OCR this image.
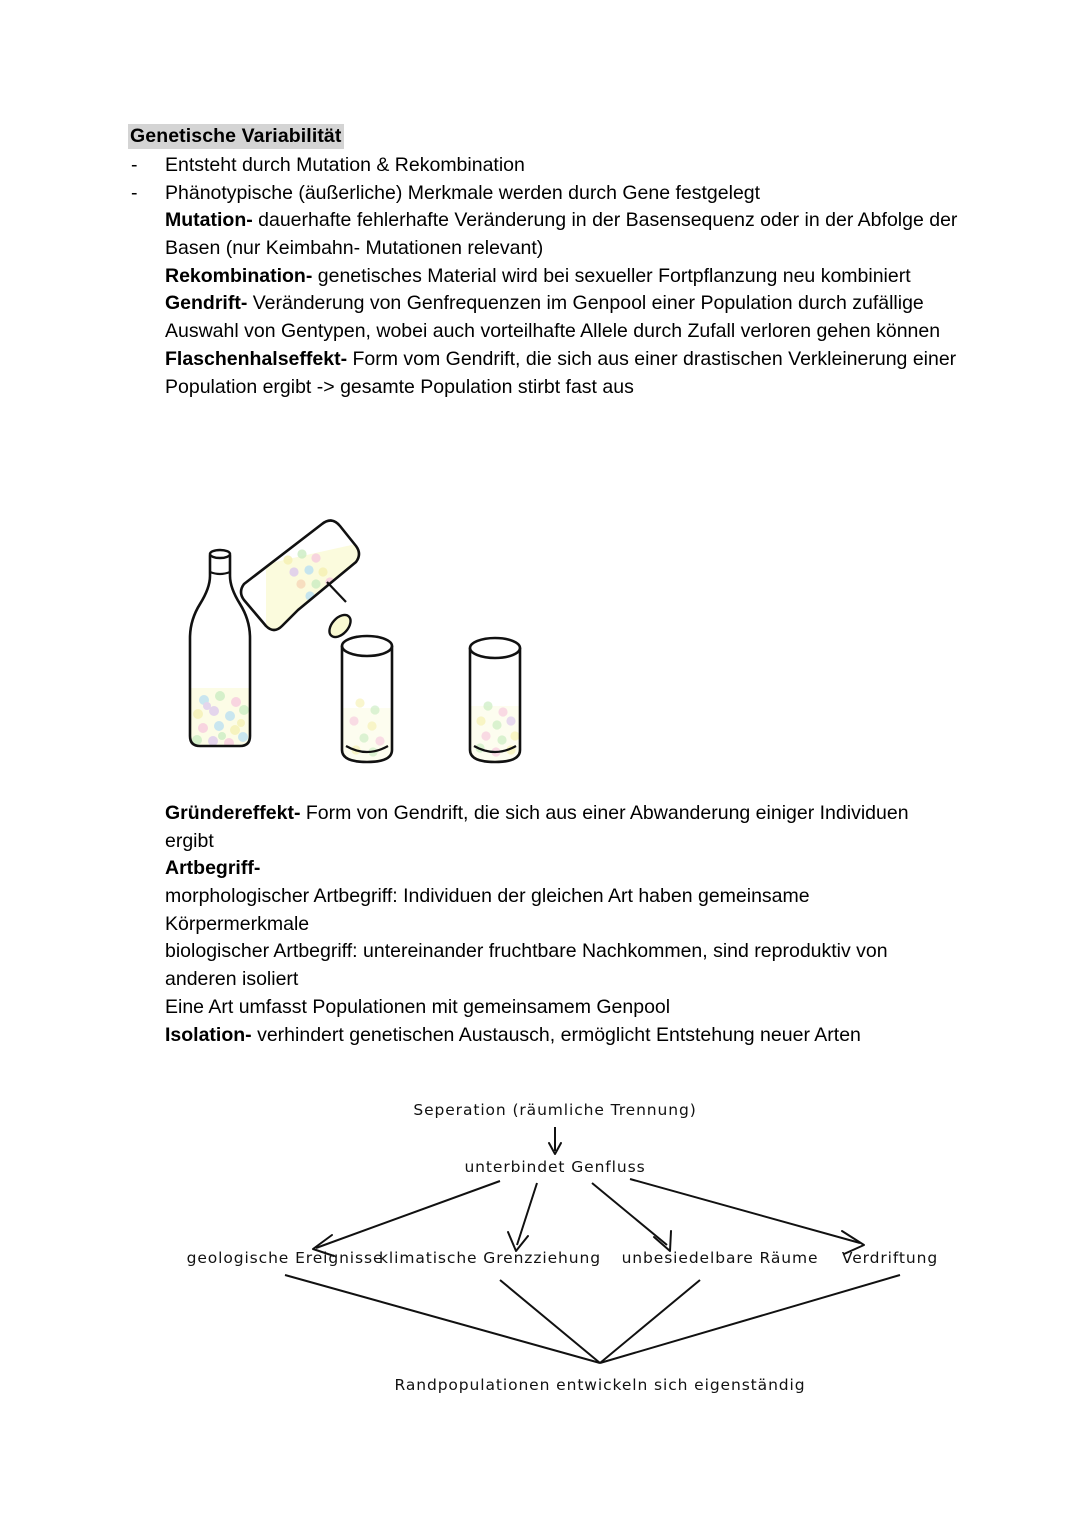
Genetische Variabilität
-	Entsteht durch Mutation & Rekombination
-	Phänotypische (äußerliche) Merkmale werden durch Gene festgelegt

Mutation- dauerhafte fehlerhafte Veränderung in der Basensequenz oder in der Abfolge der Basen (nur Keimbahn- Mutationen relevant)

Rekombination- genetisches Material wird bei sexueller Fortpflanzung neu kombiniert

Gendrift- Veränderung von Genfrequenzen im Genpool einer Population durch zufällige Auswahl von Gentypen, wobei auch vorteilhafte Allele durch Zufall verloren gehen können

Flaschenhalseffekt- Form vom Gendrift, die sich aus einer drastischen Verkleinerung einer Population ergibt -> gesamte Population stirbt fast aus

Gründereffekt- Form von Gendrift, die sich aus einer Abwanderung einiger Individuen ergibt

Artbegriff-

morphologischer Artbegriff: Individuen der gleichen Art haben gemeinsame Körpermerkmale

biologischer Artbegriff: untereinander fruchtbare Nachkommen, sind reproduktiv von anderen isoliert

Eine Art umfasst Populationen mit gemeinsamem Genpool

Isolation- verhindert genetischen Austausch, ermöglicht Entstehung neuer Arten

Seperation (räumliche Trennung)
unterbindet Genfluss
geologische Ereignisse
klimatische Grenzziehung unbesiedelbare Räume Verdriftung
Randpopulationen entwickeln sich eigenständig
